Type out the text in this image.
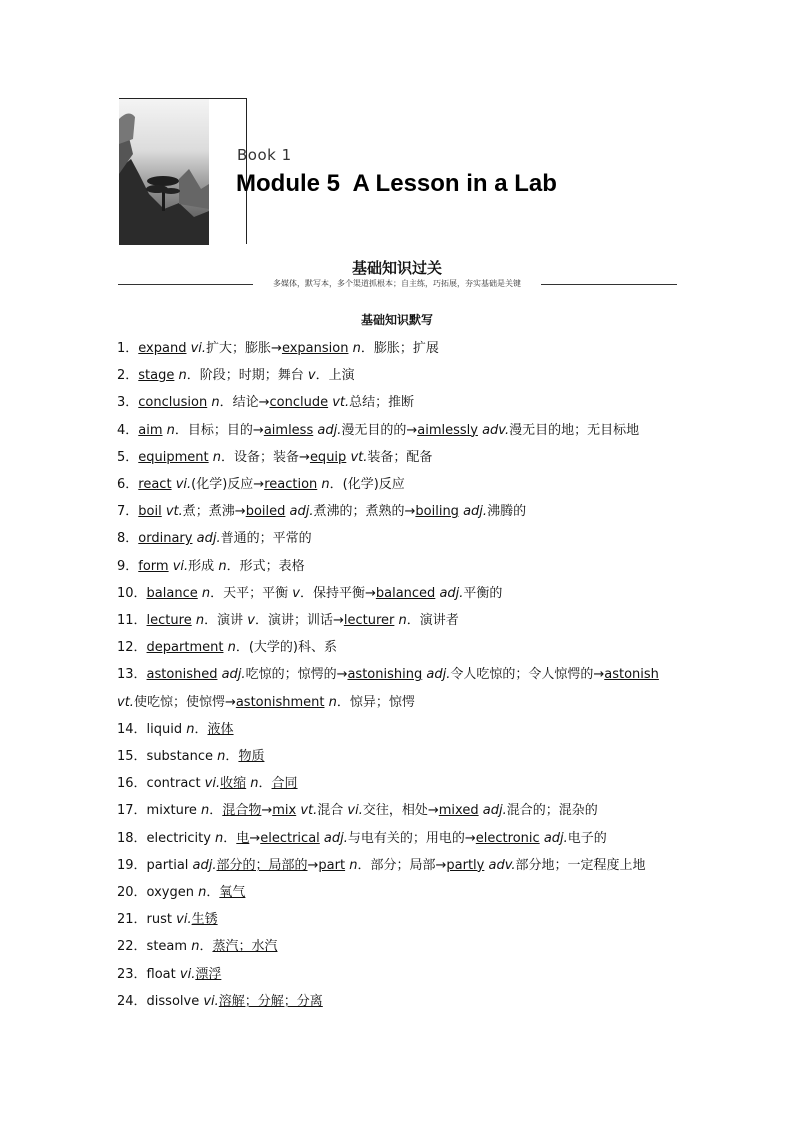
Book 1
Module 5  A Lesson in a Lab
基础知识过关
多媒体，默写本，多个渠道抓根本；自主练，巧拓展，夯实基础是关键
基础知识默写
1．expand vi.扩大；膨胀→expansion n．膨胀；扩展
2．stage n．阶段；时期；舞台 v．上演
3．conclusion n．结论→conclude vt.总结；推断
4．aim n．目标；目的→aimless adj.漫无目的的→aimlessly adv.漫无目的地；无目标地
5．equipment n．设备；装备→equip vt.装备；配备
6．react vi.(化学)反应→reaction n．(化学)反应
7．boil vt.煮；煮沸→boiled adj.煮沸的；煮熟的→boiling adj.沸腾的
8．ordinary adj.普通的；平常的
9．form vi.形成 n．形式；表格
10．balance n．天平；平衡 v．保持平衡→balanced adj.平衡的
11．lecture n．演讲 v．演讲；训话→lecturer n．演讲者
12．department n．(大学的)科、系
13．astonished adj.吃惊的；惊愕的→astonishing adj.令人吃惊的；令人惊愕的→astonish vt.使吃惊；使惊愕→astonishment n．惊异；惊愕
14．liquid n．液体
15．substance n．物质
16．contract vi.收缩 n．合同
17．mixture n．混合物→mix vt.混合 vi.交往，相处→mixed adj.混合的；混杂的
18．electricity n．电→electrical adj.与电有关的；用电的→electronic adj.电子的
19．partial adj.部分的；局部的→part n．部分；局部→partly adv.部分地；一定程度上地
20．oxygen n．氧气
21．rust vi.生锈
22．steam n．蒸汽；水汽
23．float vi.漂浮
24．dissolve vi.溶解；分解；分离
